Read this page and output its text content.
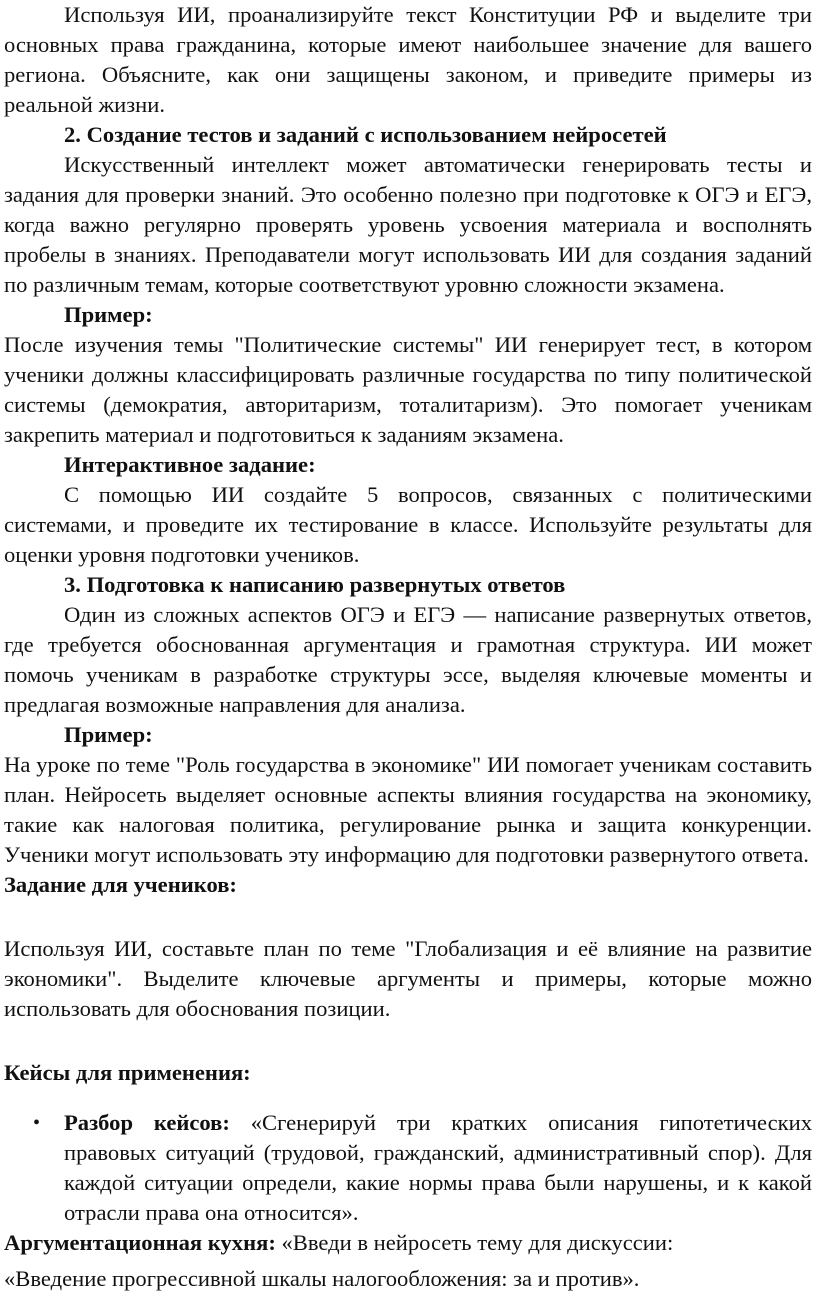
Используя ИИ, проанализируйте текст Конституции РФ и выделите три основных права гражданина, которые имеют наибольшее значение для вашего региона. Объясните, как они защищены законом, и приведите примеры из реальной жизни.

2. Создание тестов и заданий с использованием нейросетей

Искусственный интеллект может автоматически генерировать тесты и задания для проверки знаний. Это особенно полезно при подготовке к ОГЭ и ЕГЭ, когда важно регулярно проверять уровень усвоения материала и восполнять пробелы в знаниях. Преподаватели могут использовать ИИ для создания заданий по различным темам, которые соответствуют уровню сложности экзамена.

Пример:

После изучения темы "Политические системы" ИИ генерирует тест, в котором ученики должны классифицировать различные государства по типу политической системы (демократия, авторитаризм, тоталитаризм). Это помогает ученикам закрепить материал и подготовиться к заданиям экзамена.

Интерактивное задание:

С помощью ИИ создайте 5 вопросов, связанных с политическими системами, и проведите их тестирование в классе. Используйте результаты для оценки уровня подготовки учеников.

3. Подготовка к написанию развернутых ответов

Один из сложных аспектов ОГЭ и ЕГЭ — написание развернутых ответов, где требуется обоснованная аргументация и грамотная структура. ИИ может помочь ученикам в разработке структуры эссе, выделяя ключевые моменты и предлагая возможные направления для анализа.

Пример:

На уроке по теме "Роль государства в экономике" ИИ помогает ученикам составить план. Нейросеть выделяет основные аспекты влияния государства на экономику, такие как налоговая политика, регулирование рынка и защита конкуренции. Ученики могут использовать эту информацию для подготовки развернутого ответа.

Задание для учеников:

Используя ИИ, составьте план по теме "Глобализация и её влияние на развитие экономики". Выделите ключевые аргументы и примеры, которые можно использовать для обоснования позиции.

Кейсы для применения:

• Разбор кейсов: «Сгенерируй три кратких описания гипотетических правовых ситуаций (трудовой, гражданский, административный спор). Для каждой ситуации определи, какие нормы права были нарушены, и к какой отрасли права она относится».

Аргументационная кухня: «Введи в нейросеть тему для дискуссии:

«Введение прогрессивной шкалы налогообложения: за и против».
